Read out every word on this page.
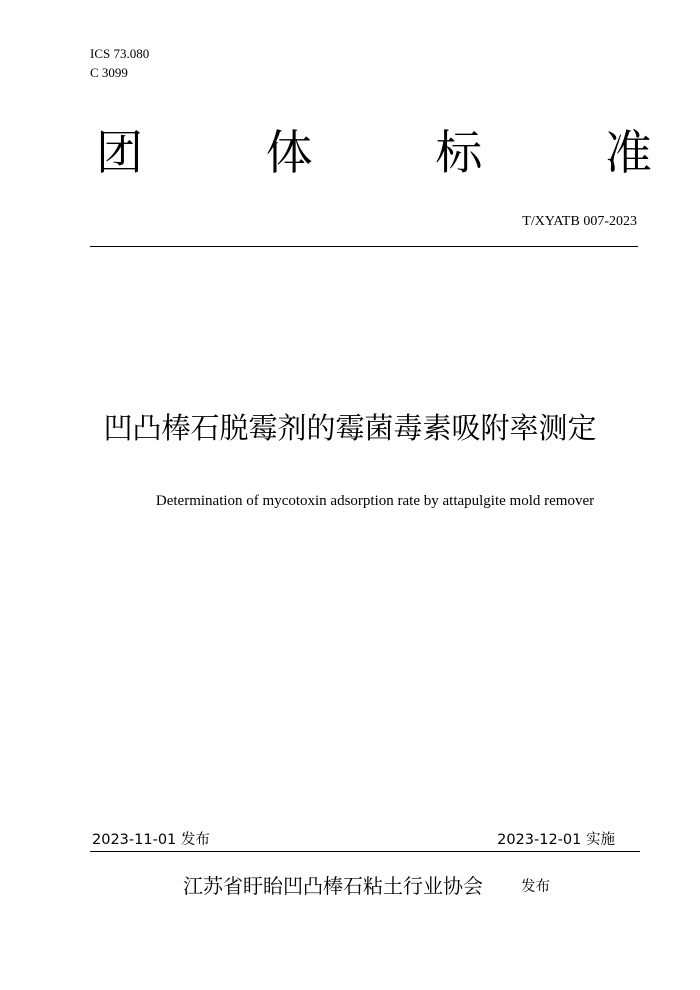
ICS 73.080
C 3099
团	体	标	准
T/XYATB 007-2023
凹凸棒石脱霉剂的霉菌毒素吸附率测定
Determination of mycotoxin adsorption rate by attapulgite mold remover
2023-11-01 发布	2023-12-01 实施
江苏省盱眙凹凸棒石粘土行业协会	发布
